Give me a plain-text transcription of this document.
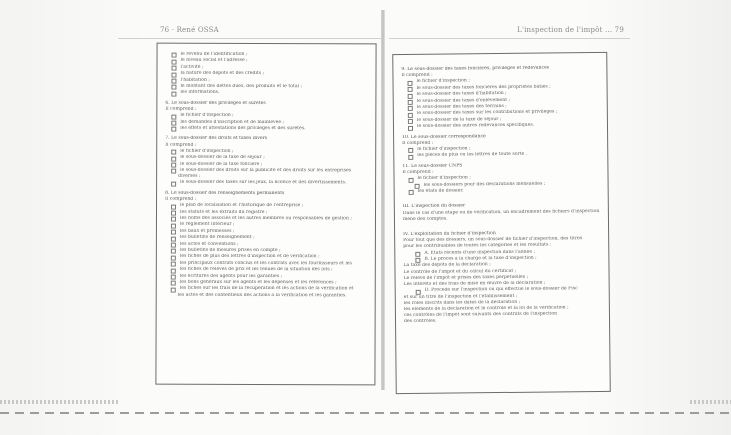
76 · René OSSA
le revenu de l'identification ;
le niveau social et l'adresse ;
l'activité ;
la nature des dépôts et des crédits ;
l'habitation ;
le montant des dettes dues, des produits et le total ;
les informations.
6. Le sous-dossier des privilèges et sûretés
Il comprend :
le fichier d'inspection ;
les demandes d'inscription et de mainlevée ;
les effets et attestations des privilèges et des sûretés.
7. Le sous-dossier des droits et taxes divers
Il comprend :
le fichier d'inspection ;
le sous-dossier de la taxe de séjour ;
le sous-dossier de la taxe foncière ;
le sous-dossier des droits sur la publicité et des droits sur les entreprises
diverses ;
le sous-dossier des taxes sur les jeux, la licence et des divertissements.
8. Le sous-dossier des renseignements permanents
Il comprend :
le plan de localisation et l'historique de l'entreprise ;
les statuts et les extraits du registre ;
les noms des associés et les autres membres ou responsables de gestion ;
le règlement intérieur ;
les baux et promesses ;
les bulletins de renseignement ;
les actes et conventions ;
les bulletins de mesures prises en compte ;
les fiches de plus des lettres d'inspection et de vérification ;
les principaux contrats conclus et les contrats avec les fournisseurs et les
les fiches de relevés de prix et les tenues de la situation des lots ;
les écritures des agents pour les garanties ;
les bons généraux sur les agents et les dépenses et les références ;
les fiches sur les frais de la récupération et les actions de la vérification et
les actes et des contentieux des actions à la vérification et les garanties.
L'inspection de l'impôt ... 79
9. Le sous-dossier des taxes foncières, privilèges et redevances
Il comprend :
le fichier d'inspection ;
le sous-dossier des taxes foncières des propriétés bâties ;
le sous-dossier des taxes d'habitation ;
le sous-dossier des taxes d'enlèvement ;
le sous-dossier des taxes des terrains ;
le sous-dossier des taxes sur les contributions et privilèges ;
le sous-dossier de la taxe de séjour ;
le sous-dossier des autres redevances spécifiques.
10. Le sous-dossier correspondance
Il comprend :
le fichier d'inspection ;
les pièces de plus ou les lettres de toute sorte .
11. Le sous-dossier CNPS
Il comprend :
le fichier d'inspection ;
les sous-dossiers pour des déclarations mensuelles ;
les états de dossier.
III. L'inspection du dossier
Dans le cas d'une étape ou de vérification, un encadrement des fichiers d'inspection
mène des comptes.
IV. L'exploitation du fichier d'inspection
Pour tout que des dossiers, un sous-dossier de fichier d'inspection, des titres
pour les contribuables de toutes les catégories et les résultats :
A. Etats récents d'une inspection dans l'année ;
B. Le procès à la charge et la taxe d'inspection ;
La taxe des dépôts de la déclaration ;
Le contrôle de l'impôt et du calcul du certificat ;
Le relevé de l'impôt et prises des taxes perpétuelles ;
Les intérêts et des frais de mise en œuvre de la déclaration ;
D. Procédé sur l'inspection ou qui effectue le sous-dossier de Fisc
et sur un titre de l'inspection et l'établissement ;
les rôles inscrits dans les dates de la déclaration ;
les éléments de la déclaration et le contrôle et la loi de la vérification ;
ces contrôles de l'impôt sont suivants des contrats de l'inspection
des contrôles.
